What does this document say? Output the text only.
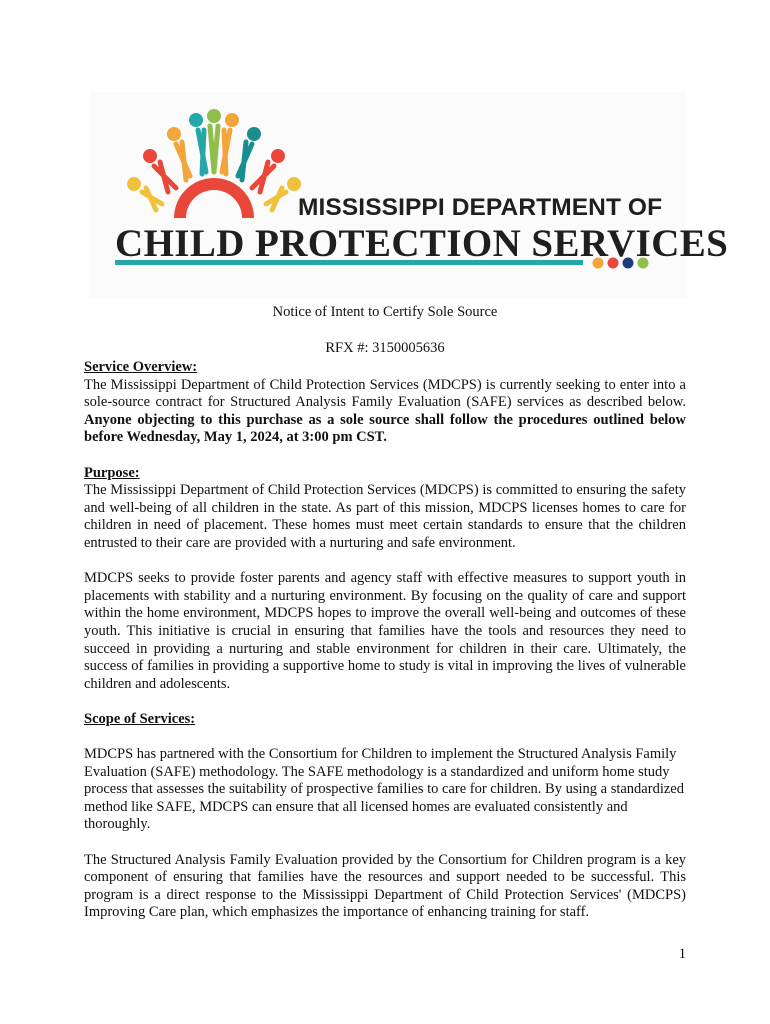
MISSISSIPPI DEPARTMENT OF
CHILD PROTECTION SERVICES
Notice of Intent to Certify Sole Source
RFX #: 3150005636
Service Overview:

The Mississippi Department of Child Protection Services (MDCPS) is currently seeking to enter into a sole-source contract for Structured Analysis Family Evaluation (SAFE) services as described below. Anyone objecting to this purchase as a sole source shall follow the procedures outlined below before Wednesday, May 1, 2024, at 3:00 pm CST.

Purpose:

The Mississippi Department of Child Protection Services (MDCPS) is committed to ensuring the safety and well-being of all children in the state. As part of this mission, MDCPS licenses homes to care for children in need of placement. These homes must meet certain standards to ensure that the children entrusted to their care are provided with a nurturing and safe environment.

MDCPS seeks to provide foster parents and agency staff with effective measures to support youth in placements with stability and a nurturing environment. By focusing on the quality of care and support within the home environment, MDCPS hopes to improve the overall well-being and outcomes of these youth. This initiative is crucial in ensuring that families have the tools and resources they need to succeed in providing a nurturing and stable environment for children in their care. Ultimately, the success of families in providing a supportive home to study is vital in improving the lives of vulnerable children and adolescents.

Scope of Services:

MDCPS has partnered with the Consortium for Children to implement the Structured Analysis Family Evaluation (SAFE) methodology. The SAFE methodology is a standardized and uniform home study process that assesses the suitability of prospective families to care for children. By using a standardized method like SAFE, MDCPS can ensure that all licensed homes are evaluated consistently and thoroughly.

The Structured Analysis Family Evaluation provided by the Consortium for Children program is a key component of ensuring that families have the resources and support needed to be successful. This program is a direct response to the Mississippi Department of Child Protection Services' (MDCPS) Improving Care plan, which emphasizes the importance of enhancing training for staff.

1
